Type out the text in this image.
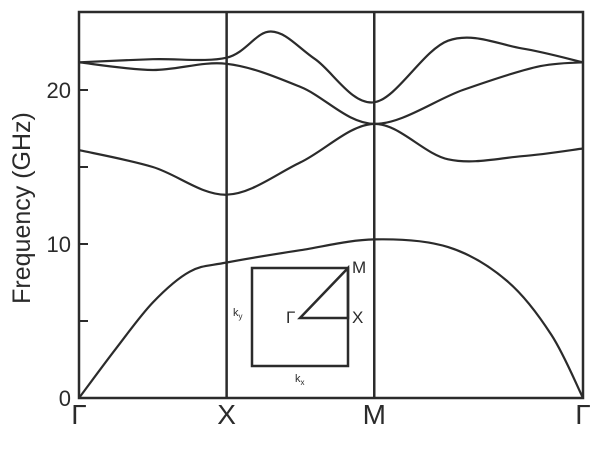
0
10
20
Γ	X	M	Γ
Frequency (GHz)	M
X
Γ
$k_y$
$k_x$
